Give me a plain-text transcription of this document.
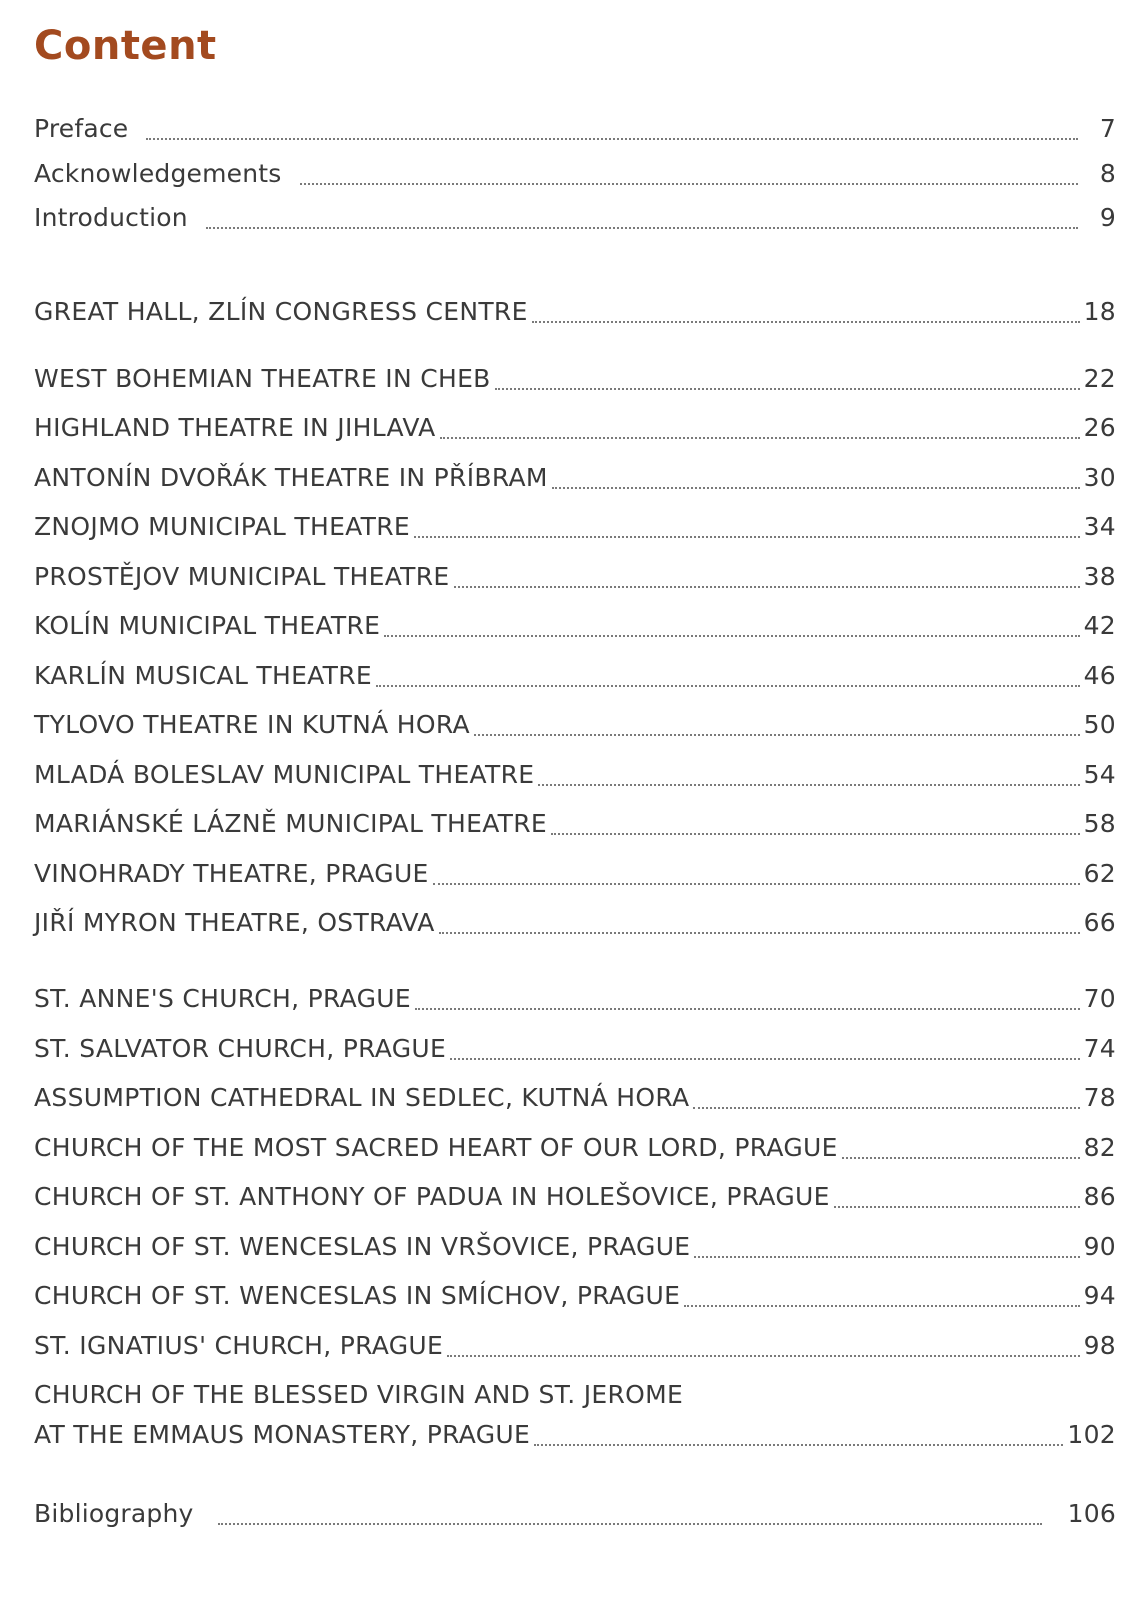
Content
Preface	7
Acknowledgements	8
Introduction	9
GREAT HALL, ZLÍN CONGRESS CENTRE	18
WEST BOHEMIAN THEATRE IN CHEB	22
HIGHLAND THEATRE IN JIHLAVA	26
ANTONÍN DVOŘÁK THEATRE IN PŘÍBRAM	30
ZNOJMO MUNICIPAL THEATRE	34
PROSTĚJOV MUNICIPAL THEATRE	38
KOLÍN MUNICIPAL THEATRE	42
KARLÍN MUSICAL THEATRE	46
TYLOVO THEATRE IN KUTNÁ HORA	50
MLADÁ BOLESLAV MUNICIPAL THEATRE	54
MARIÁNSKÉ LÁZNĚ MUNICIPAL THEATRE	58
VINOHRADY THEATRE, PRAGUE	62
JIŘÍ MYRON THEATRE, OSTRAVA	66
ST. ANNE'S CHURCH, PRAGUE	70
ST. SALVATOR CHURCH, PRAGUE	74
ASSUMPTION CATHEDRAL IN SEDLEC, KUTNÁ HORA	78
CHURCH OF THE MOST SACRED HEART OF OUR LORD, PRAGUE	82
CHURCH OF ST. ANTHONY OF PADUA IN HOLEŠOVICE, PRAGUE	86
CHURCH OF ST. WENCESLAS IN VRŠOVICE, PRAGUE	90
CHURCH OF ST. WENCESLAS IN SMÍCHOV, PRAGUE	94
ST. IGNATIUS' CHURCH, PRAGUE	98
CHURCH OF THE BLESSED VIRGIN AND ST. JEROME
AT THE EMMAUS MONASTERY, PRAGUE	102
Bibliography	106
